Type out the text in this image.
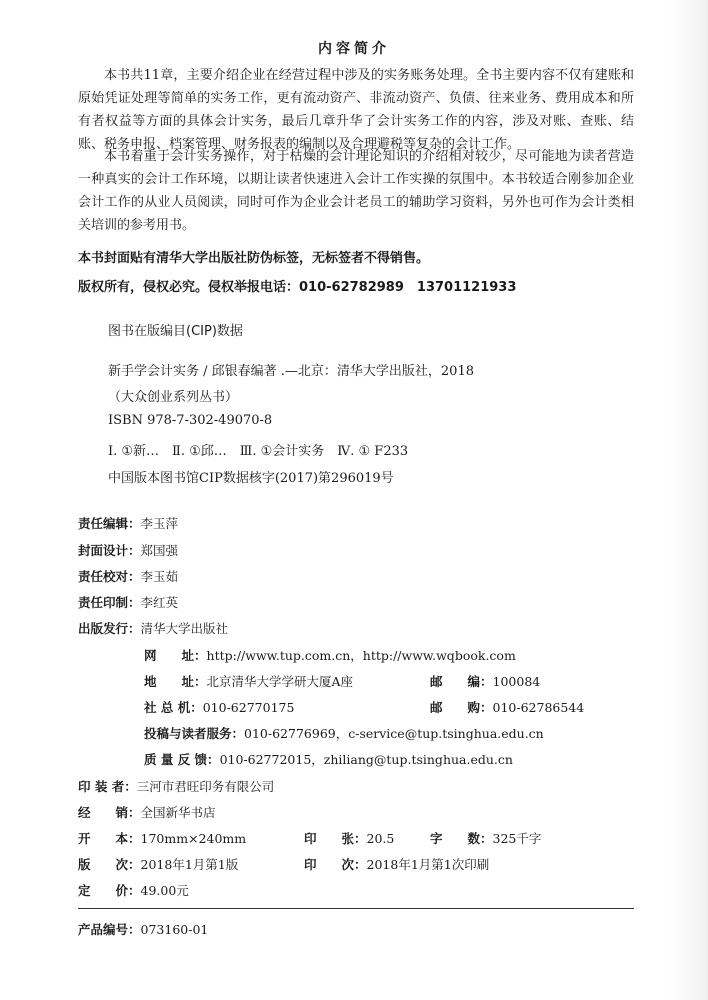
内容简介

本书共11章，主要介绍企业在经营过程中涉及的实务账务处理。全书主要内容不仅有建账和原始凭证处理等简单的实务工作，更有流动资产、非流动资产、负债、往来业务、费用成本和所有者权益等方面的具体会计实务，最后几章升华了会计实务工作的内容，涉及对账、查账、结账、税务申报、档案管理、财务报表的编制以及合理避税等复杂的会计工作。

本书着重于会计实务操作，对于枯燥的会计理论知识的介绍相对较少，尽可能地为读者营造一种真实的会计工作环境，以期让读者快速进入会计工作实操的氛围中。本书较适合刚参加企业会计工作的从业人员阅读，同时可作为企业会计老员工的辅助学习资料，另外也可作为会计类相关培训的参考用书。

本书封面贴有清华大学出版社防伪标签，无标签者不得销售。
版权所有，侵权必究。侵权举报电话：010-62782989　13701121933
图书在版编目(CIP)数据
新手学会计实务 / 邱银春编著 .—北京：清华大学出版社，2018
（大众创业系列丛书）
ISBN 978-7-302-49070-8
Ⅰ. ①新…　Ⅱ. ①邱…　Ⅲ. ①会计实务　Ⅳ. ① F233
中国版本图书馆CIP数据核字(2017)第296019号
责任编辑：李玉萍
封面设计：郑国强
责任校对：李玉茹
责任印制：李红英
出版发行：清华大学出版社
网　　址：http://www.tup.com.cn，http://www.wqbook.com
地　　址：北京清华大学学研大厦A座	邮　　编：100084
社 总 机：010-62770175	邮　　购：010-62786544
投稿与读者服务：010-62776969，c-service@tup.tsinghua.edu.cn
质 量 反 馈：010-62772015，zhiliang@tup.tsinghua.edu.cn
印 装 者：三河市君旺印务有限公司
经　　销：全国新华书店
开　　本：170mm×240mm	印　　张：20.5	字　　数：325千字
版　　次：2018年1月第1版	印　　次：2018年1月第1次印刷
定　　价：49.00元
产品编号：073160-01
